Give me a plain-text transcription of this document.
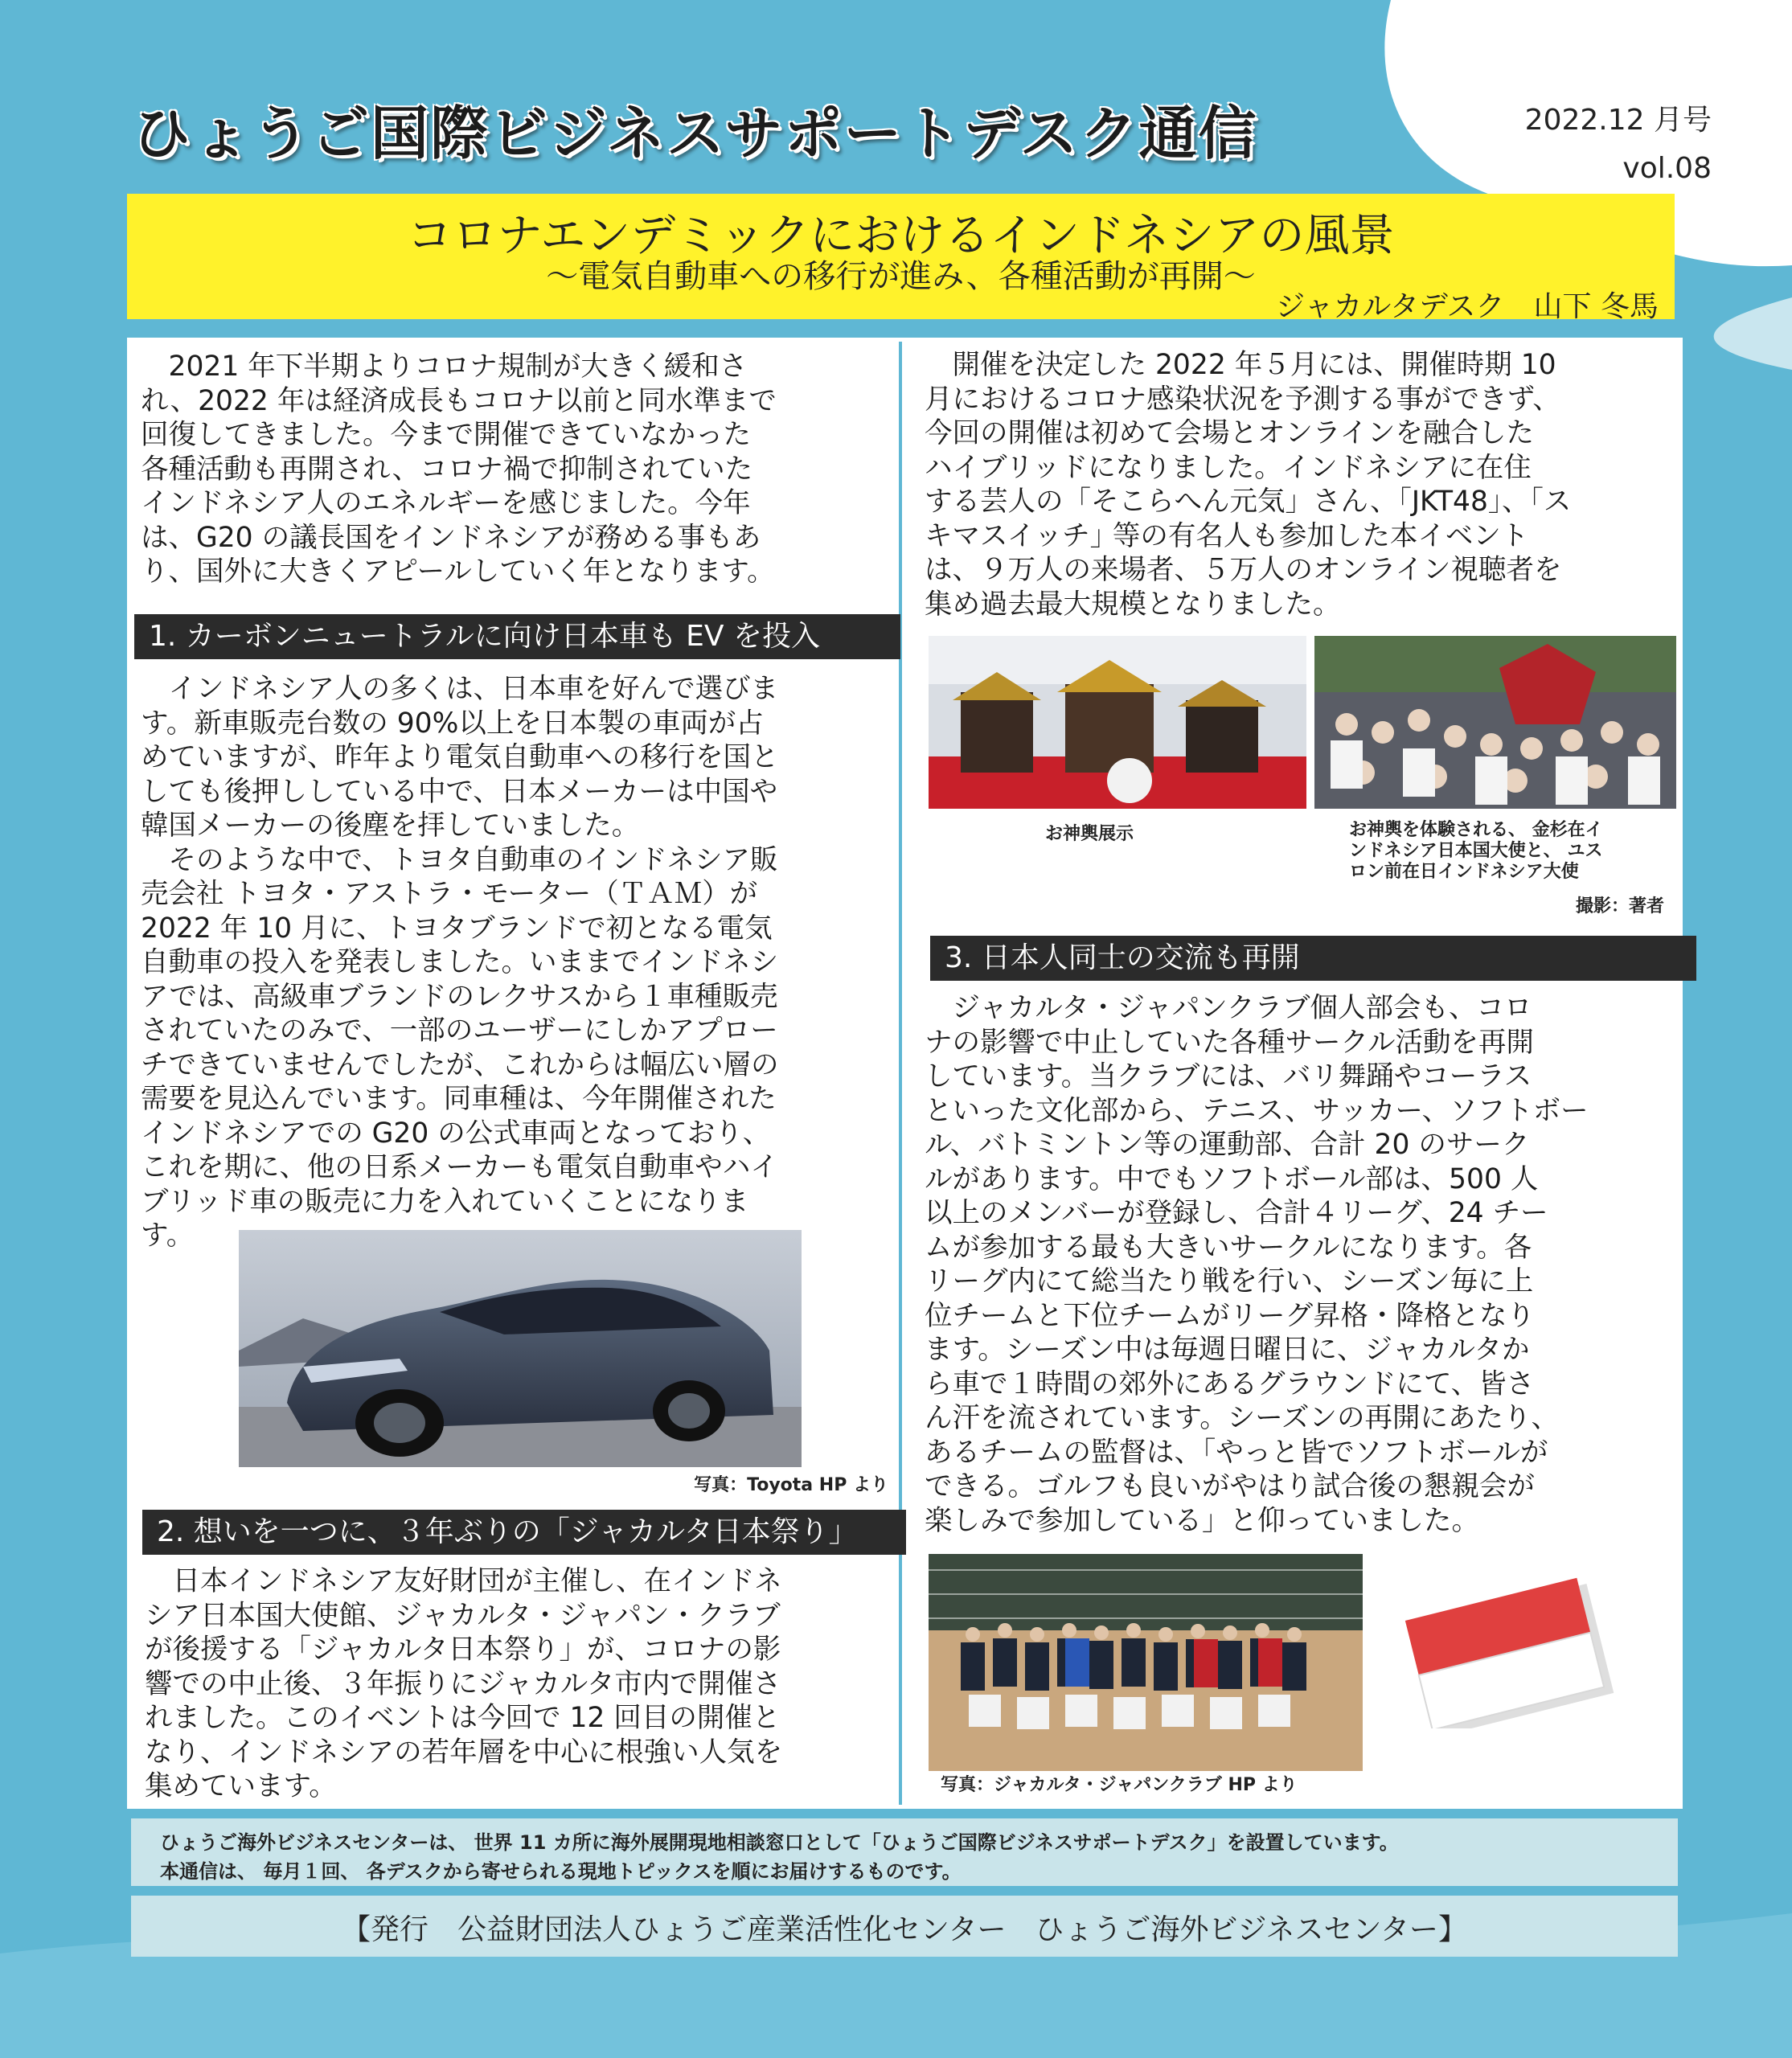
ひょうご国際ビジネスサポートデスク通信	2022.12 月号
vol.08
コロナエンデミックにおけるインドネシアの風景
～電気自動車への移行が進み、各種活動が再開～
ジャカルタデスク　山下 冬馬

2021 年下半期よりコロナ規制が大きく緩和さ
れ、2022 年は経済成長もコロナ以前と同水準まで
回復してきました。今まで開催できていなかった
各種活動も再開され、コロナ禍で抑制されていた
インドネシア人のエネルギーを感じました。今年
は、G20 の議長国をインドネシアが務める事もあ
り、国外に大きくアピールしていく年となります。

1. カーボンニュートラルに向け日本車も EV を投入

インドネシア人の多くは、日本車を好んで選びま
す。新車販売台数の 90%以上を日本製の車両が占
めていますが、昨年より電気自動車への移行を国と
しても後押ししている中で、日本メーカーは中国や
韓国メーカーの後塵を拝していました。

そのような中で、トヨタ自動車のインドネシア販
売会社 トヨタ・アストラ・モーター（ＴＡＭ）が
2022 年 10 月に、トヨタブランドで初となる電気
自動車の投入を発表しました。いままでインドネシ
アでは、高級車ブランドのレクサスから１車種販売
されていたのみで、一部のユーザーにしかアプロー
チできていませんでしたが、これからは幅広い層の
需要を見込んでいます。同車種は、今年開催された
インドネシアでの G20 の公式車両となっており、
これを期に、他の日系メーカーも電気自動車やハイ
ブリッド車の販売に力を入れていくことになりま
す。

写真：Toyota HP より
2. 想いを一つに、３年ぶりの「ジャカルタ日本祭り」

日本インドネシア友好財団が主催し、在インドネ
シア日本国大使館、ジャカルタ・ジャパン・クラブ
が後援する「ジャカルタ日本祭り」が、コロナの影
響での中止後、３年振りにジャカルタ市内で開催さ
れました。このイベントは今回で 12 回目の開催と
なり、インドネシアの若年層を中心に根強い人気を
集めています。

開催を決定した 2022 年５月には、開催時期 10
月におけるコロナ感染状況を予測する事ができず、
今回の開催は初めて会場とオンラインを融合した
ハイブリッドになりました。インドネシアに在住
する芸人の「そこらへん元気」さん、｢JKT48｣、｢ス
キマスイッチ｣ 等の有名人も参加した本イベント
は、９万人の来場者、５万人のオンライン視聴者を
集め過去最大規模となりました。

お神輿展示	お神輿を体験される、 金杉在イ
ンドネシア日本国大使と、 ユス
ロン前在日インドネシア大使
撮影：著者
3. 日本人同士の交流も再開

ジャカルタ・ジャパンクラブ個人部会も、コロ
ナの影響で中止していた各種サークル活動を再開
しています。当クラブには、バリ舞踊やコーラス
といった文化部から、テニス、サッカー、ソフトボー
ル、バトミントン等の運動部、合計 20 のサーク
ルがあります。中でもソフトボール部は、500 人
以上のメンバーが登録し、合計４リーグ、24 チー
ムが参加する最も大きいサークルになります。各
リーグ内にて総当たり戦を行い、シーズン毎に上
位チームと下位チームがリーグ昇格・降格となり
ます。シーズン中は毎週日曜日に、ジャカルタか
ら車で１時間の郊外にあるグラウンドにて、皆さ
ん汗を流されています。シーズンの再開にあたり、
あるチームの監督は、「やっと皆でソフトボールが
できる。ゴルフも良いがやはり試合後の懇親会が
楽しみで参加している」と仰っていました。

写真：ジャカルタ・ジャパンクラブ HP より
ひょうご海外ビジネスセンターは、 世界 11 カ所に海外展開現地相談窓口として「ひょうご国際ビジネスサポートデスク」を設置しています。
本通信は、 毎月１回、 各デスクから寄せられる現地トピックスを順にお届けするものです。
【発行　公益財団法人ひょうご産業活性化センター　ひょうご海外ビジネスセンター】
